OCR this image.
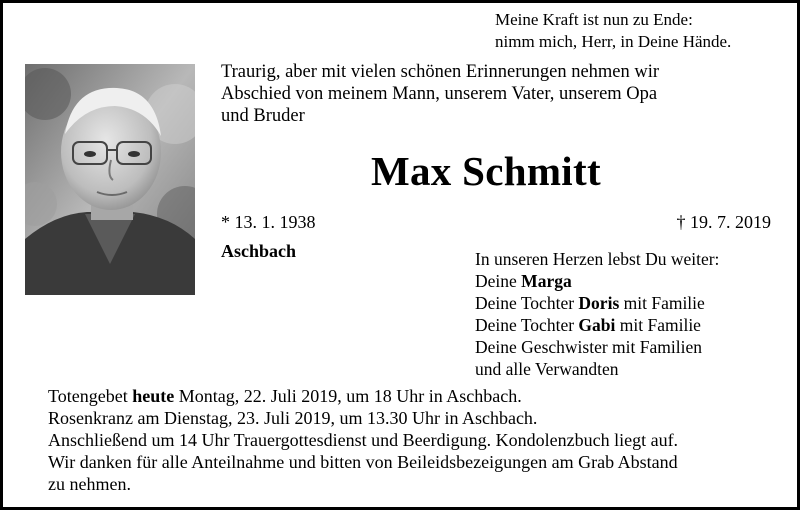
Meine Kraft ist nun zu Ende:
nimm mich, Herr, in Deine Hände.
Traurig, aber mit vielen schönen Erinnerungen nehmen wir
Abschied von meinem Mann, unserem Vater, unserem Opa
und Bruder
Max Schmitt
* 13. 1. 1938	† 19. 7. 2019
Aschbach	In unseren Herzen lebst Du weiter:
Deine Marga
Deine Tochter Doris mit Familie
Deine Tochter Gabi mit Familie
Deine Geschwister mit Familien
und alle Verwandten
Totengebet heute Montag, 22. Juli 2019, um 18 Uhr in Aschbach.
Rosenkranz am Dienstag, 23. Juli 2019, um 13.30 Uhr in Aschbach.
Anschließend um 14 Uhr Trauergottesdienst und Beerdigung. Kondolenzbuch liegt auf.
Wir danken für alle Anteilnahme und bitten von Beileidsbezeigungen am Grab Abstand
zu nehmen.
